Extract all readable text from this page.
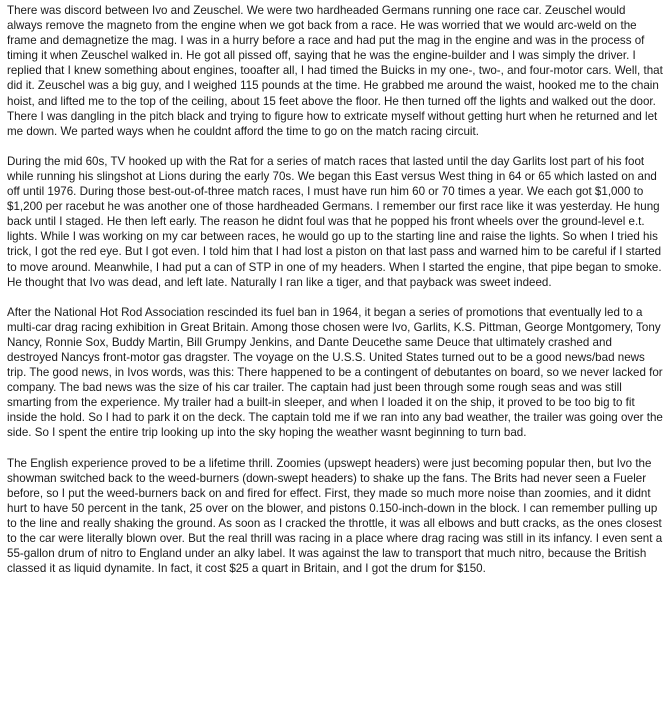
There was discord between Ivo and Zeuschel. We were two hardheaded Germans running one race car. Zeuschel would always remove the magneto from the engine when we got back from a race. He was worried that we would arc-weld on the frame and demagnetize the mag. I was in a hurry before a race and had put the mag in the engine and was in the process of timing it when Zeuschel walked in. He got all pissed off, saying that he was the engine-builder and I was simply the driver. I replied that I knew something about engines, tooafter all, I had timed the Buicks in my one-, two-, and four-motor cars. Well, that did it. Zeuschel was a big guy, and I weighed 115 pounds at the time. He grabbed me around the waist, hooked me to the chain hoist, and lifted me to the top of the ceiling, about 15 feet above the floor. He then turned off the lights and walked out the door. There I was dangling in the pitch black and trying to figure how to extricate myself without getting hurt when he returned and let me down. We parted ways when he couldnt afford the time to go on the match racing circuit.

During the mid 60s, TV hooked up with the Rat for a series of match races that lasted until the day Garlits lost part of his foot while running his slingshot at Lions during the early 70s. We began this East versus West thing in 64 or 65 which lasted on and off until 1976. During those best-out-of-three match races, I must have run him 60 or 70 times a year. We each got $1,000 to $1,200 per racebut he was another one of those hardheaded Germans. I remember our first race like it was yesterday. He hung back until I staged. He then left early. The reason he didnt foul was that he popped his front wheels over the ground-level e.t. lights. While I was working on my car between races, he would go up to the starting line and raise the lights. So when I tried his trick, I got the red eye. But I got even. I told him that I had lost a piston on that last pass and warned him to be careful if I started to move around. Meanwhile, I had put a can of STP in one of my headers. When I started the engine, that pipe began to smoke. He thought that Ivo was dead, and left late. Naturally I ran like a tiger, and that payback was sweet indeed.

After the National Hot Rod Association rescinded its fuel ban in 1964, it began a series of promotions that eventually led to a multi-car drag racing exhibition in Great Britain. Among those chosen were Ivo, Garlits, K.S. Pittman, George Montgomery, Tony Nancy, Ronnie Sox, Buddy Martin, Bill Grumpy Jenkins, and Dante Deucethe same Deuce that ultimately crashed and destroyed Nancys front-motor gas dragster. The voyage on the U.S.S. United States turned out to be a good news/bad news trip. The good news, in Ivos words, was this: There happened to be a contingent of debutantes on board, so we never lacked for company. The bad news was the size of his car trailer. The captain had just been through some rough seas and was still smarting from the experience. My trailer had a built-in sleeper, and when I loaded it on the ship, it proved to be too big to fit inside the hold. So I had to park it on the deck. The captain told me if we ran into any bad weather, the trailer was going over the side. So I spent the entire trip looking up into the sky hoping the weather wasnt beginning to turn bad.

The English experience proved to be a lifetime thrill. Zoomies (upswept headers) were just becoming popular then, but Ivo the showman switched back to the weed-burners (down-swept headers) to shake up the fans. The Brits had never seen a Fueler before, so I put the weed-burners back on and fired for effect. First, they made so much more noise than zoomies, and it didnt hurt to have 50 percent in the tank, 25 over on the blower, and pistons 0.150-inch-down in the block. I can remember pulling up to the line and really shaking the ground. As soon as I cracked the throttle, it was all elbows and butt cracks, as the ones closest to the car were literally blown over. But the real thrill was racing in a place where drag racing was still in its infancy. I even sent a 55-gallon drum of nitro to England under an alky label. It was against the law to transport that much nitro, because the British classed it as liquid dynamite. In fact, it cost $25 a quart in Britain, and I got the drum for $150.
